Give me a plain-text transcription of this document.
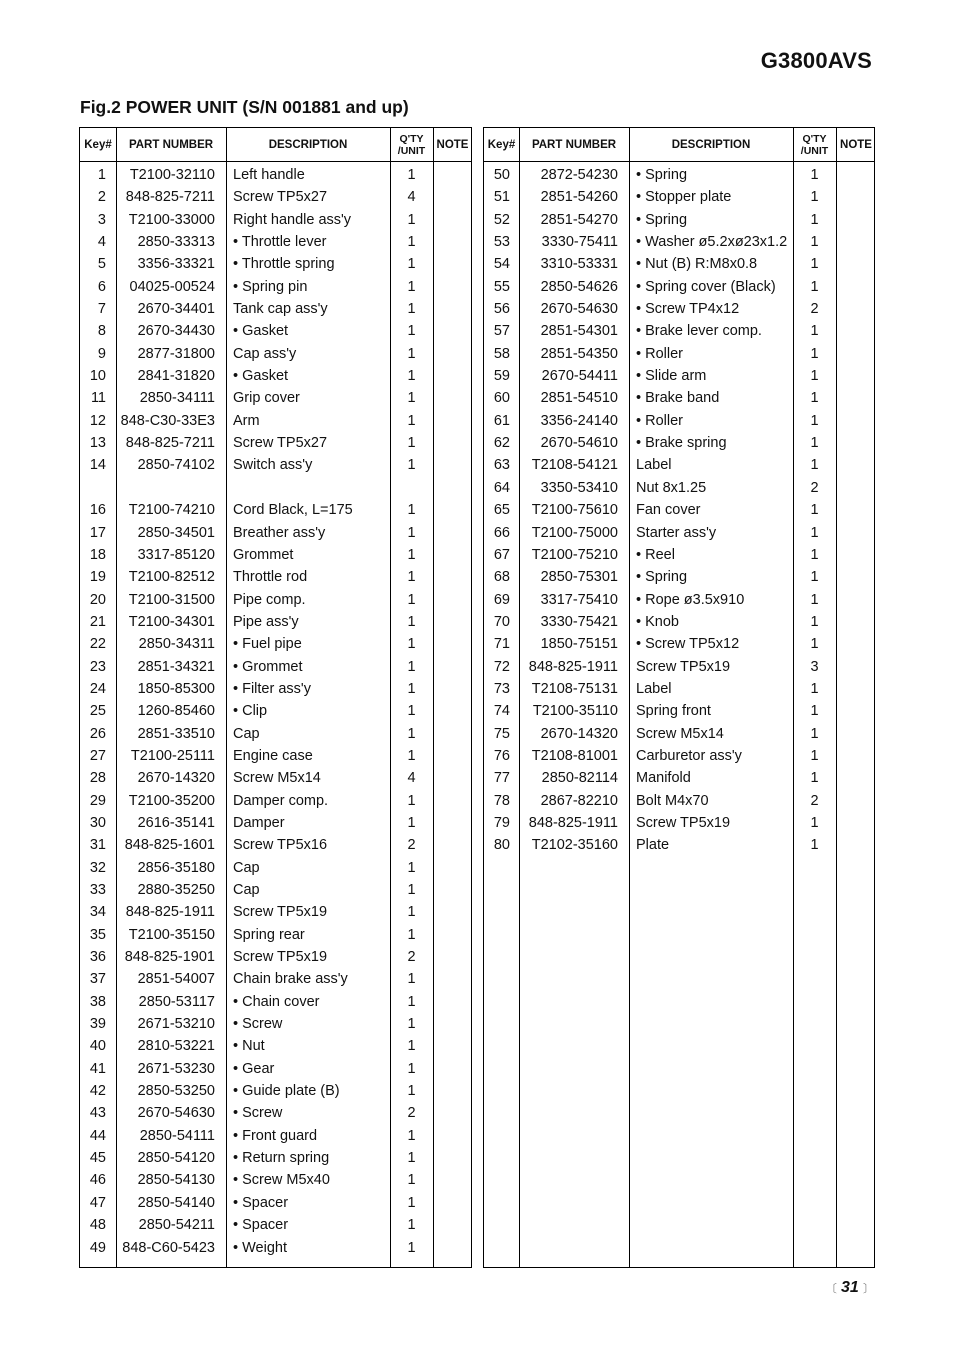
G3800AVS
Fig.2 POWER UNIT (S/N 001881 and up)
Key#	PART NUMBER	DESCRIPTION	Q'TY
/UNIT NOTE
1 T2100-32110 Left handle	1
2 848-825-7211 Screw TP5x27	4
3 T2100-33000 Right handle ass'y	1
4 2850-33313 • Throttle lever	1
5 3356-33321 • Throttle spring	1
6 04025-00524 • Spring pin	1
7 2670-34401 Tank cap ass'y	1
8 2670-34430 • Gasket	1
9 2877-31800 Cap ass'y	1
10 2841-31820 • Gasket	1
11 2850-34111 Grip cover	1
12 848-C30-33E3 Arm	1
13 848-825-7211 Screw TP5x27	1
14 2850-74102 Switch ass'y	1
16 T2100-74210 Cord Black, L=175	1
17 2850-34501 Breather ass'y	1
18 3317-85120 Grommet	1
19 T2100-82512 Throttle rod	1
20 T2100-31500 Pipe comp.	1
21 T2100-34301 Pipe ass'y	1
22 2850-34311 • Fuel pipe	1
23 2851-34321 • Grommet	1
24 1850-85300 • Filter ass'y	1
25 1260-85460 • Clip	1
26 2851-33510 Cap	1
27 T2100-25111 Engine case	1
28 2670-14320 Screw M5x14	4
29 T2100-35200 Damper comp.	1
30 2616-35141 Damper	1
31 848-825-1601 Screw TP5x16	2
32 2856-35180 Cap	1
33 2880-35250 Cap	1
34 848-825-1911 Screw TP5x19	1
35 T2100-35150 Spring rear	1
36 848-825-1901 Screw TP5x19	2
37 2851-54007 Chain brake ass'y	1
38 2850-53117 • Chain cover	1
39 2671-53210 • Screw	1
40 2810-53221 • Nut	1
41 2671-53230 • Gear	1
42 2850-53250 • Guide plate (B)	1
43 2670-54630 • Screw	2
44 2850-54111 • Front guard	1
45 2850-54120 • Return spring	1
46 2850-54130 • Screw M5x40	1
47 2850-54140 • Spacer	1
48 2850-54211 • Spacer	1
49 848-C60-5423 • Weight	1
Key#	PART NUMBER	DESCRIPTION	Q'TY
/UNIT	NOTE
50 2872-54230 • Spring	1
51 2851-54260 • Stopper plate	1
52 2851-54270 • Spring	1
53 3330-75411 • Washer ø5.2xø23x1.2	1
54 3310-53331 • Nut (B) R:M8x0.8	1
55 2850-54626 • Spring cover (Black)	1
56 2670-54630 • Screw TP4x12	2
57 2851-54301 • Brake lever comp.	1
58 2851-54350 • Roller	1
59 2670-54411 • Slide arm	1
60 2851-54510 • Brake band	1
61 3356-24140 • Roller	1
62 2670-54610 • Brake spring	1
63 T2108-54121 Label	1
64 3350-53410 Nut 8x1.25	2
65 T2100-75610 Fan cover	1
66 T2100-75000 Starter ass'y	1
67 T2100-75210 • Reel	1
68 2850-75301 • Spring	1
69 3317-75410 • Rope ø3.5x910	1
70 3330-75421 • Knob	1
71 1850-75151 • Screw TP5x12	1
72 848-825-1911 Screw TP5x19	3
73 T2108-75131 Label	1
74 T2100-35110 Spring front	1
75 2670-14320 Screw M5x14	1
76 T2108-81001 Carburetor ass'y	1
77 2850-82114 Manifold	1
78 2867-82210 Bolt M4x70	2
79 848-825-1911 Screw TP5x19	1
80 T2102-35160 Plate	1
〔 31 〕
